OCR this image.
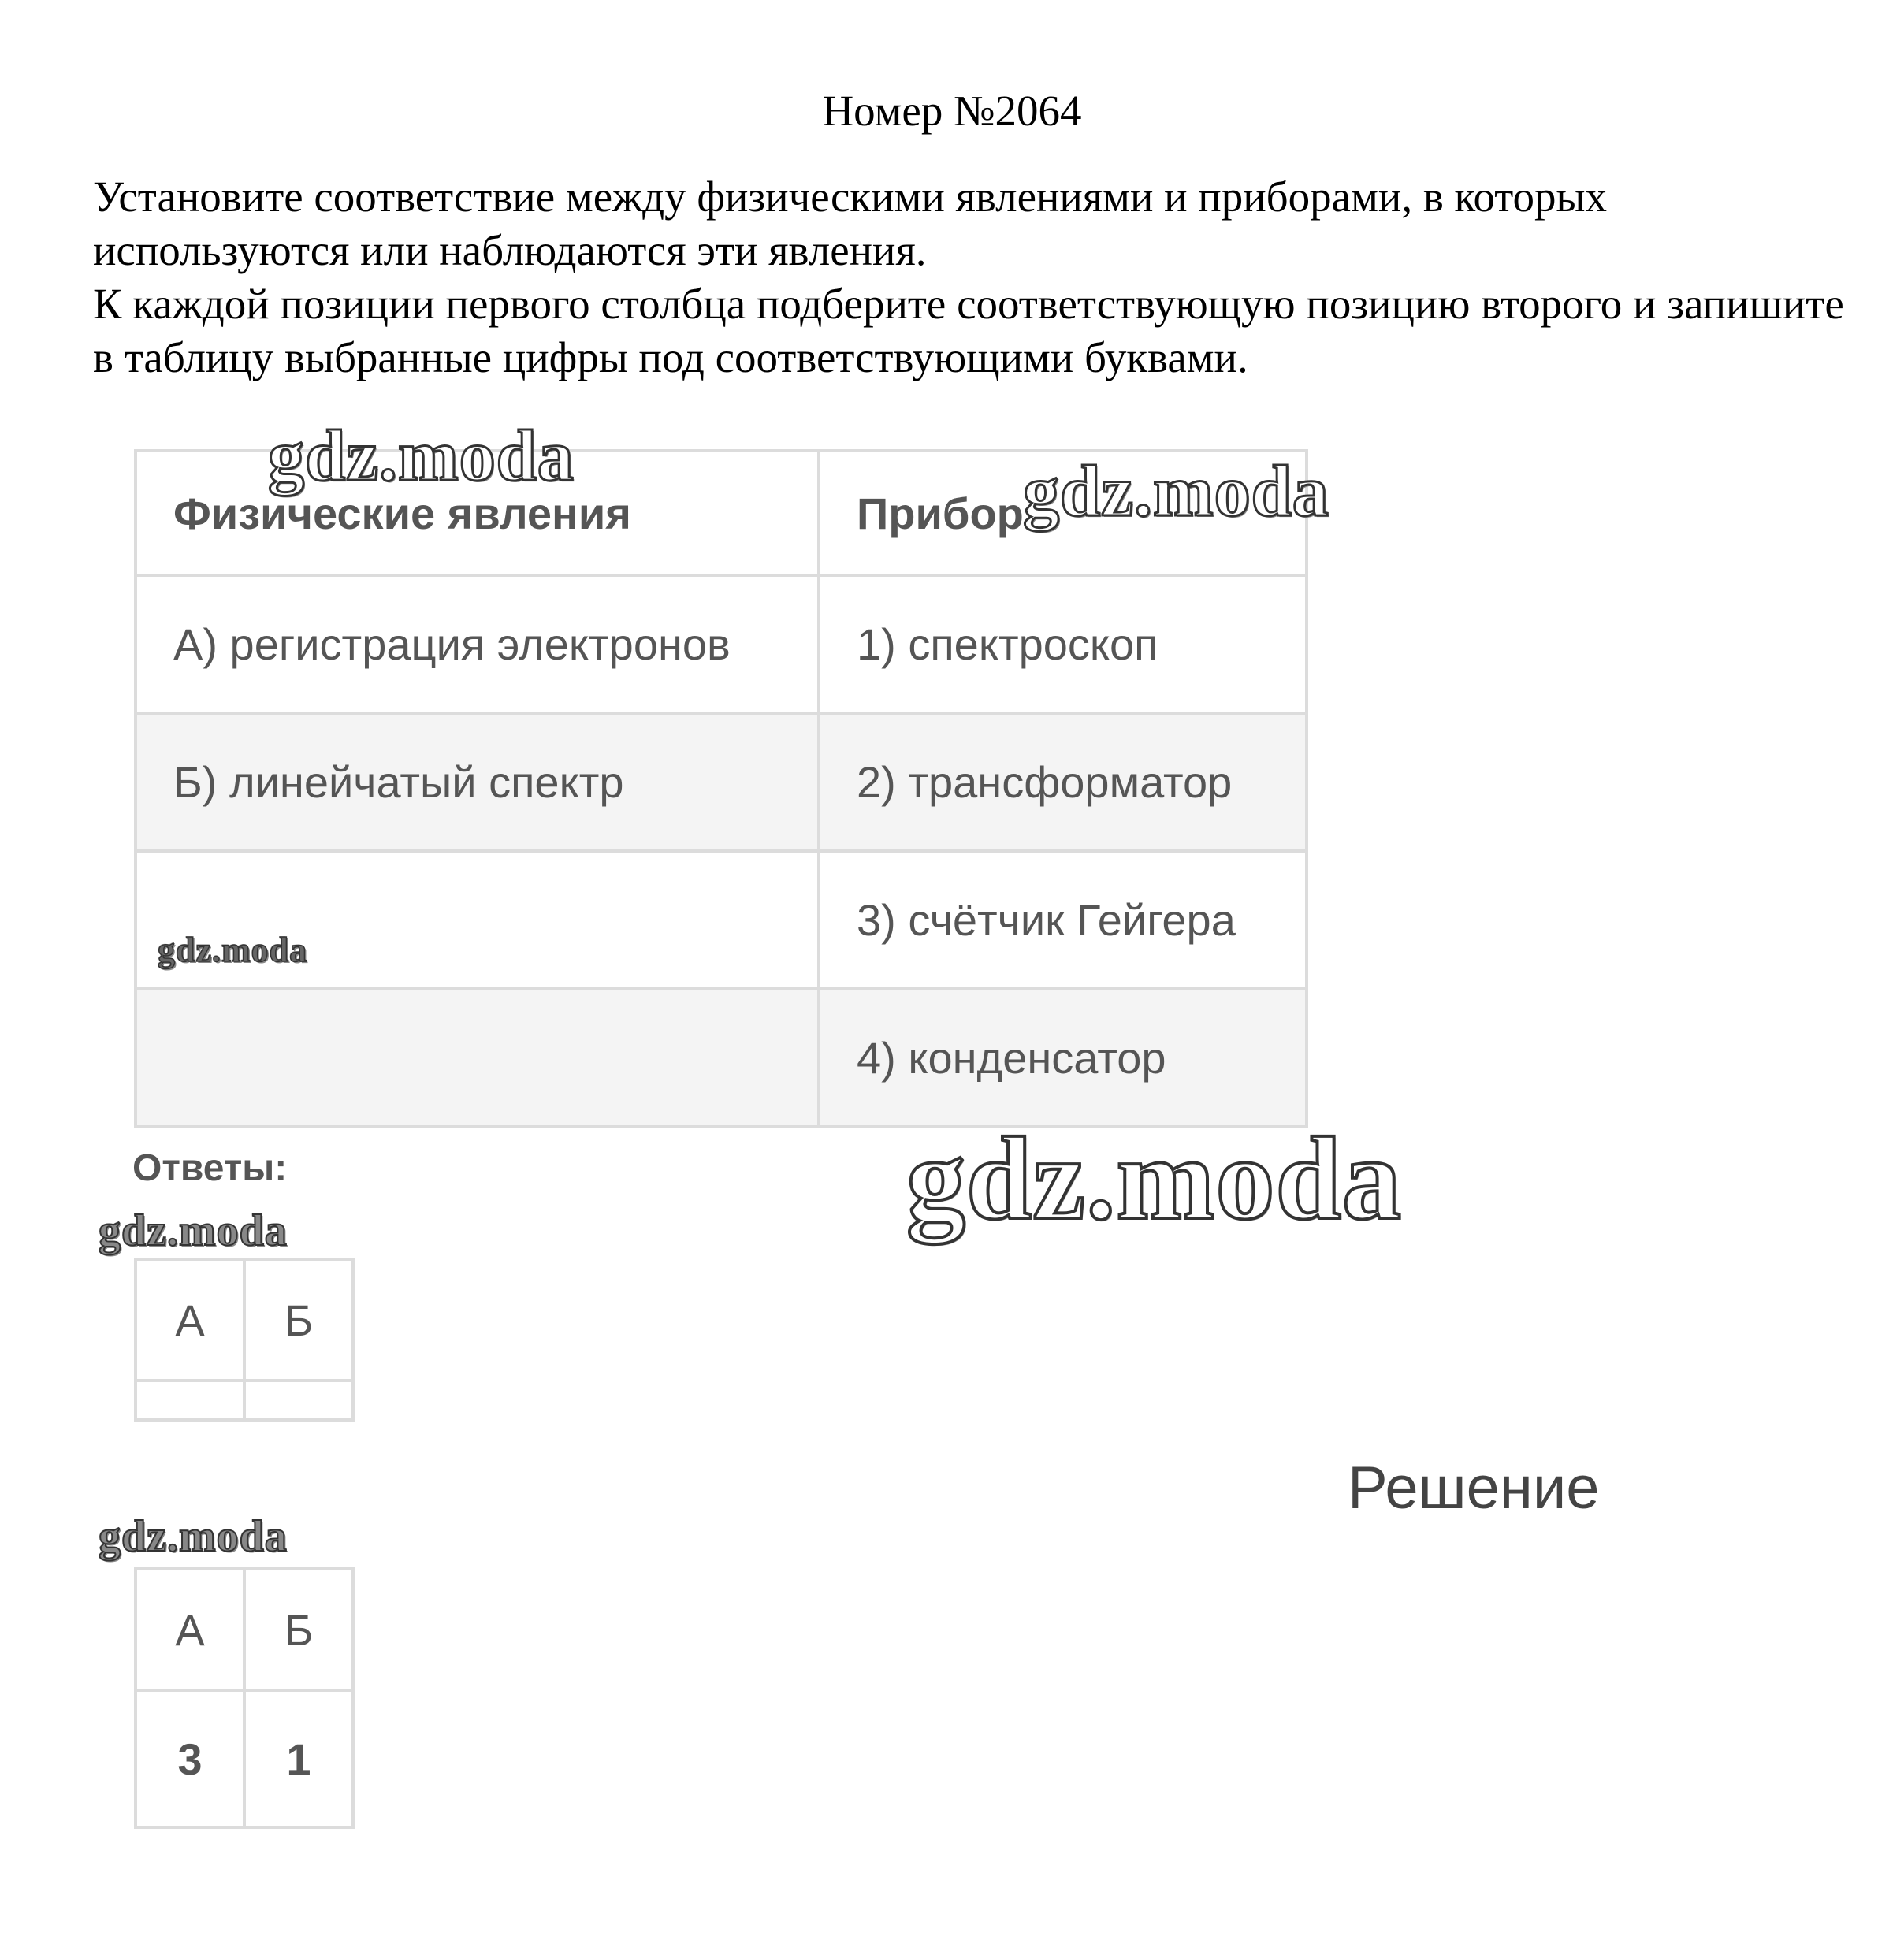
Номер №2064

Установите соответствие между физическими явлениями и приборами, в которых используются или наблюдаются эти явления.

К каждой позиции первого столбца подберите соответствующую позицию второго и запишите в таблицу выбранные цифры под соответствующими буквами.

Физические явления	Прибор
А) регистрация электронов	1) спектроскоп
Б) линейчатый спектр	2) трансформатор
	3) счётчик Гейгера
	4) конденсатор
Ответы:
А	Б

Решение
А	Б
3	1
gdz.moda	gdz.moda
gdz.moda
gdz.moda
gdz.moda
gdz.moda
